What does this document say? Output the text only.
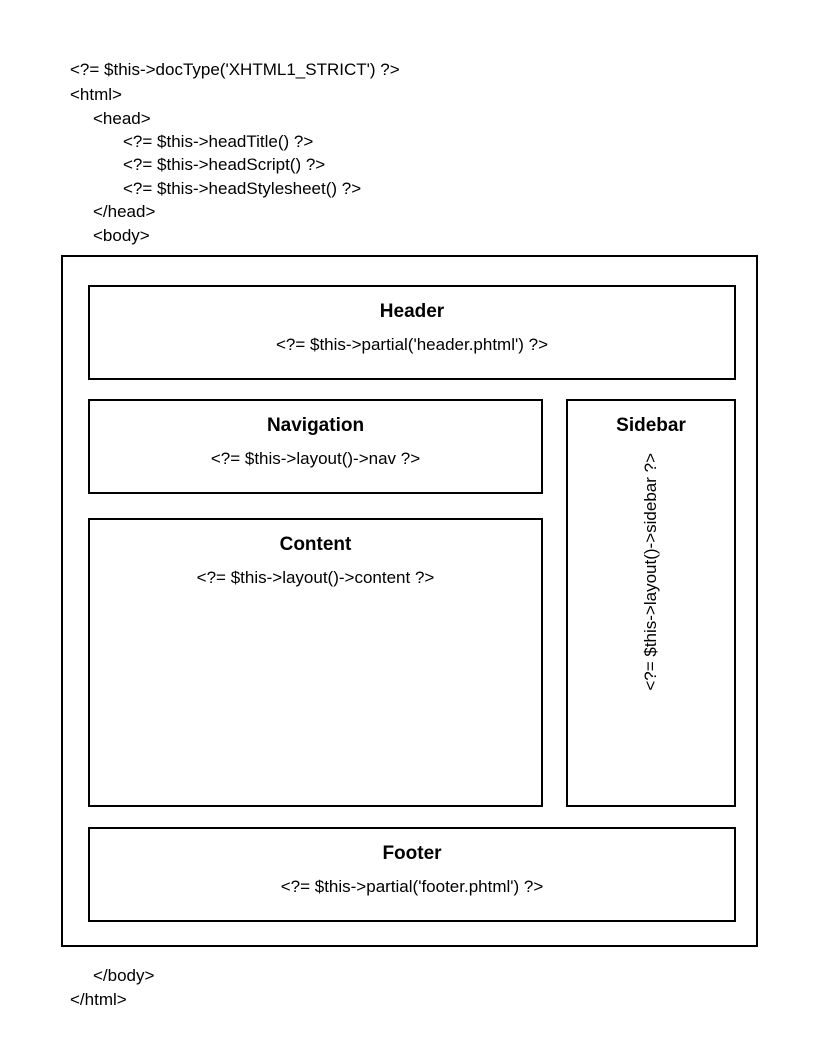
<?= $this->docType('XHTML1_STRICT') ?>
<html>
<head>
<?= $this->headTitle() ?>
<?= $this->headScript() ?>
<?= $this->headStylesheet() ?>
</head>
<body>
Header
<?= $this->partial('header.phtml') ?>
Navigation
<?= $this->layout()->nav ?>
Content
<?= $this->layout()->content ?>
Sidebar
<?= $this->layout()->sidebar ?>
Footer
<?= $this->partial('footer.phtml') ?>
</body>
</html>
